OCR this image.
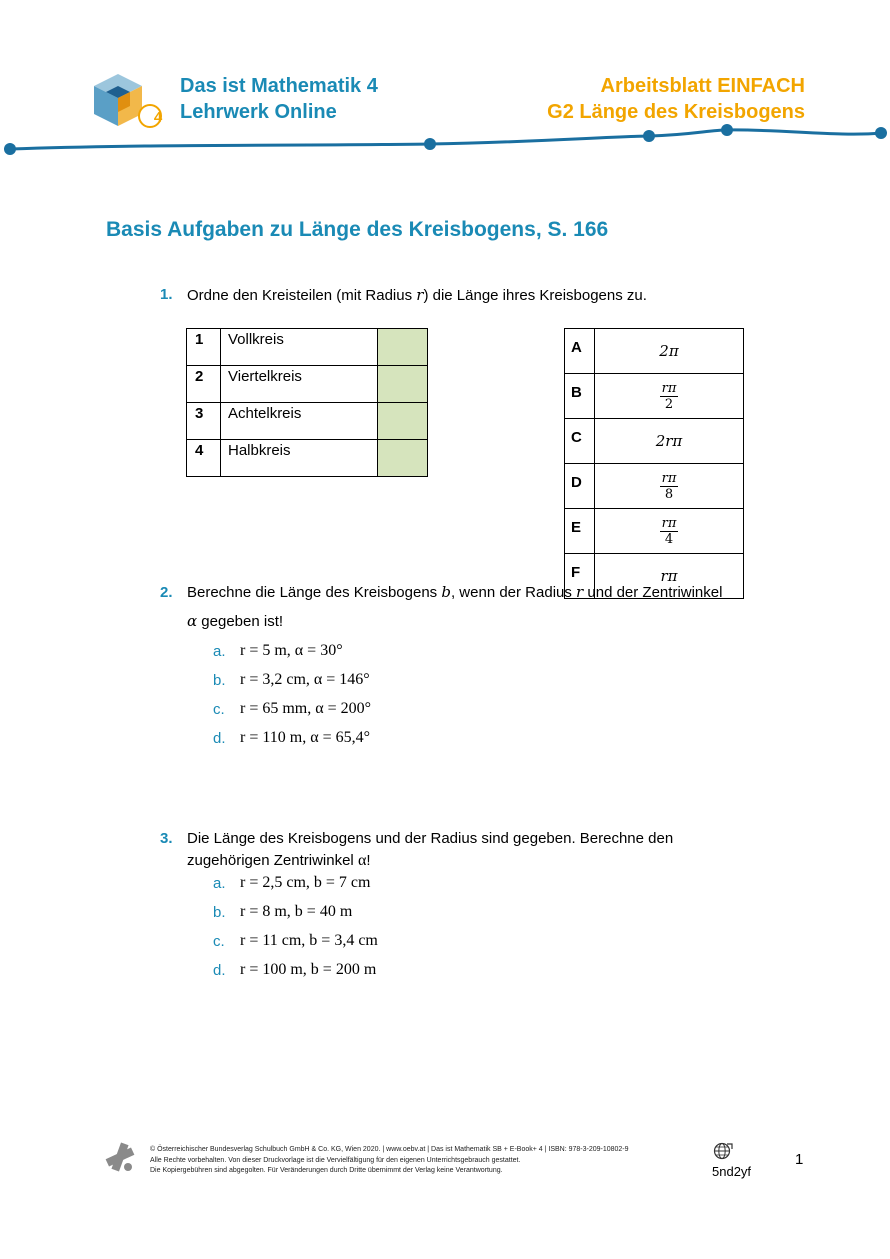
4
Das ist Mathematik 4
Lehrwerk Online
Arbeitsblatt EINFACH
G2 Länge des Kreisbogens
Basis Aufgaben zu Länge des Kreisbogens, S. 166
1. Ordne den Kreisteilen (mit Radius r) die Länge ihres Kreisbogens zu.
1	Vollkreis	
2	Viertelkreis	
3	Achtelkreis	
4	Halbkreis	
A	2π
B	$\frac{r\pi}{2}$

C	2rπ
D	$\frac{r\pi}{8}$

E	$\frac{r\pi}{4}$

F	rπ
2. Berechne die Länge des Kreisbogens b, wenn der Radius r und der Zentriwinkel
α gegeben ist!
a. r = 5 m, α = 30°
b. r = 3,2 cm, α = 146°
c. r = 65 mm, α = 200°
d. r = 110 m, α = 65,4°
3. Die Länge des Kreisbogens und der Radius sind gegeben. Berechne den
zugehörigen Zentriwinkel α!
a. r = 2,5 cm, b = 7 cm
b. r = 8 m, b = 40 m
c. r = 11 cm, b = 3,4 cm
d. r = 100 m, b = 200 m
© Österreichischer Bundesverlag Schulbuch GmbH & Co. KG, Wien 2020. | www.oebv.at | Das ist Mathematik SB + E-Book+ 4 | ISBN: 978-3-209-10802-9
Alle Rechte vorbehalten. Von dieser Druckvorlage ist die Vervielfältigung für den eigenen Unterrichtsgebrauch gestattet.
Die Kopiergebühren sind abgegolten. Für Veränderungen durch Dritte übernimmt der Verlag keine Verantwortung.	5nd2yf
1
